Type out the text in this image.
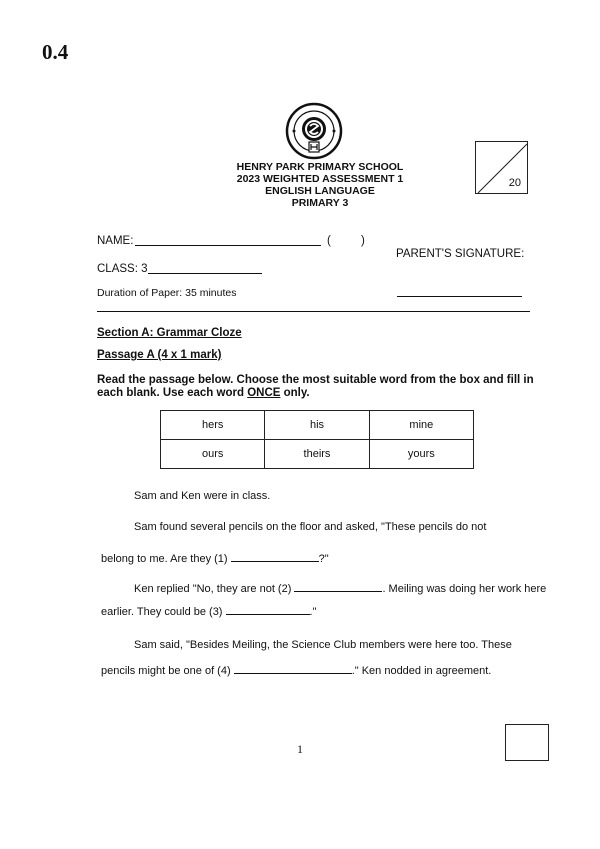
0.4
HENRY PARK PRIMARY SCHOOL
2023 WEIGHTED ASSESSMENT 1
ENGLISH LANGUAGE
PRIMARY 3
20
NAME:	(	)
PARENT'S SIGNATURE:
CLASS: 3
Duration of Paper: 35 minutes
Section A: Grammar Cloze
Passage A (4 x 1 mark)
Read the passage below. Choose the most suitable word from the box and fill in each blank. Use each word ONCE only.
hers	his	mine
ours	theirs	yours
Sam and Ken were in class.
Sam found several pencils on the floor and asked, "These pencils do not
belong to me. Are they (1)	?"
Ken replied "No, they are not (2)	. Meiling was doing her work here
earlier. They could be (3)	."
Sam said, "Besides Meiling, the Science Club members were here too. These
pencils might be one of (4)	." Ken nodded in agreement.
1
